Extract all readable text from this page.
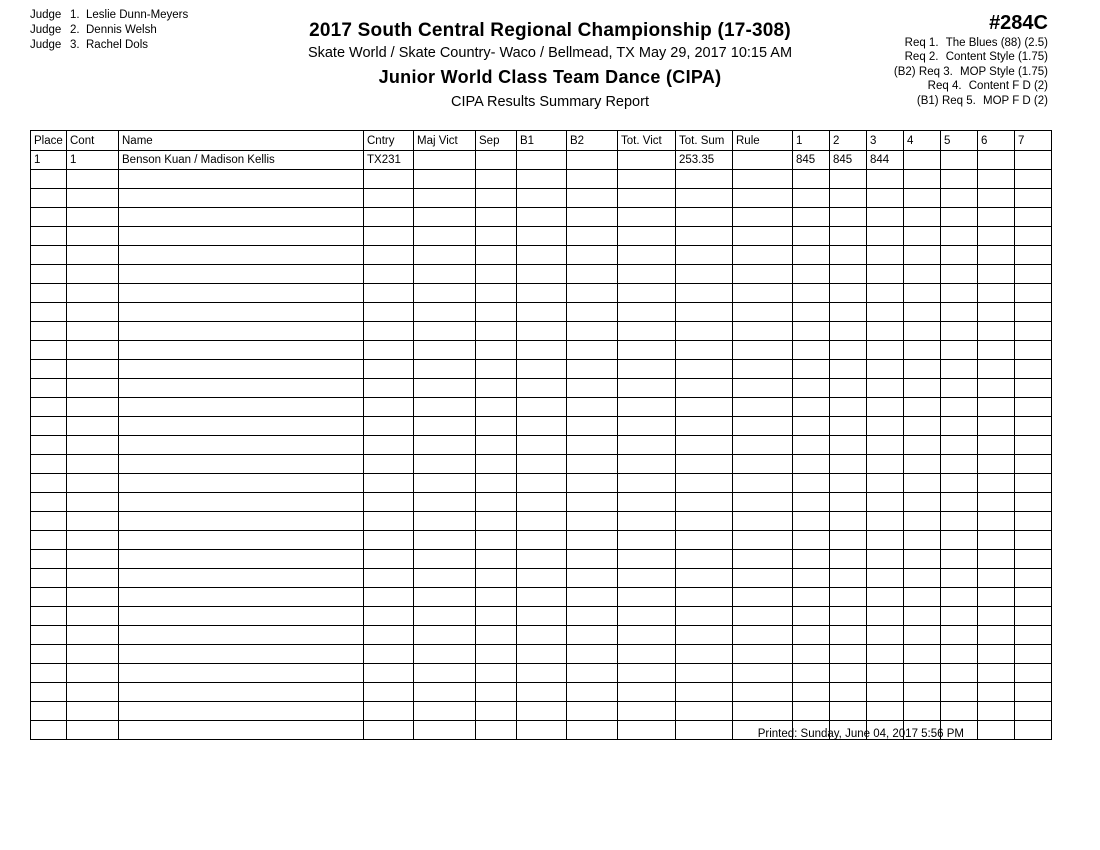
Judge 1. Leslie Dunn-Meyers
Judge 2. Dennis Welsh
Judge 3. Rachel Dols
2017 South Central Regional Championship (17-308)
Skate World / Skate Country- Waco / Bellmead, TX May 29, 2017 10:15 AM
Junior World Class Team Dance (CIPA)
CIPA Results Summary Report
#284C
Req 1. The Blues (88) (2.5)
Req 2. Content Style (1.75)
(B2) Req 3. MOP Style (1.75)
Req 4. Content F D (2)
(B1) Req 5. MOP F D (2)
Place	Cont	Name	Cntry	Maj Vict	Sep	B1	B2	Tot. Vict	Tot. Sum	Rule	1	2	3	4	5	6	7
1	1	Benson Kuan / Madison Kellis	TX231						253.35		845	845	844				

Printed: Sunday, June 04, 2017 5:56 PM
